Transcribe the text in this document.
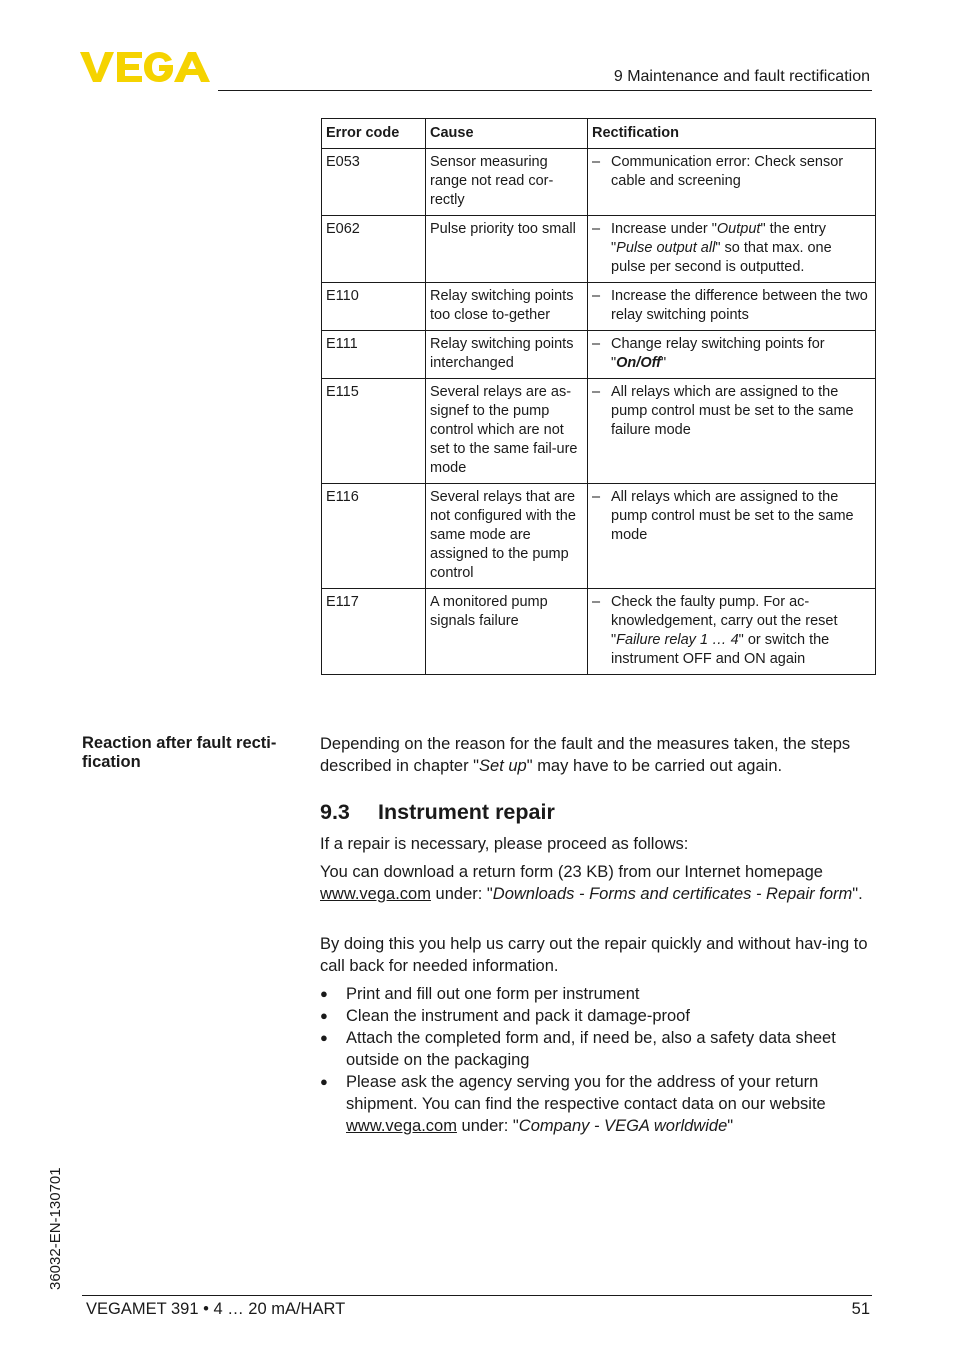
9 Maintenance and fault rectification
Error code	Cause	Rectification
E053	Sensor measuring range not read cor-rectly	– Communication error: Check sensor cable and screening

E062	Pulse priority too small	– Increase under "Output" the entry "Pulse output all" so that max. one pulse per second is outputted.

E110	Relay switching points too close to-gether	– Increase the difference between the two relay switching points

E111	Relay switching points interchanged	– Change relay switching points for "On/Off"

E115	Several relays are as-signef to the pump control which are not set to the same fail-ure mode	– All relays which are assigned to the pump control must be set to the same failure mode

E116	Several relays that are not configured with the same mode are assigned to the pump control	– All relays which are assigned to the pump control must be set to the same mode

E117	A monitored pump signals failure	– Check the faulty pump. For ac-knowledgement, carry out the reset "Failure relay 1 … 4" or switch the instrument OFF and ON again
Reaction after fault recti-fication
Depending on the reason for the fault and the measures taken, the steps described in chapter "Set up" may have to be carried out again.
9.3 Instrument repair
If a repair is necessary, please proceed as follows:
You can download a return form (23 KB) from our Internet homepage www.vega.com under: "Downloads - Forms and certificates - Repair form".
By doing this you help us carry out the repair quickly and without hav-ing to call back for needed information.
●	Print and fill out one form per instrument
●	Clean the instrument and pack it damage-proof
●	Attach the completed form and, if need be, also a safety data sheet outside on the packaging
●	Please ask the agency serving you for the address of your return shipment. You can find the respective contact data on our website www.vega.com under: "Company - VEGA worldwide"
36032-EN-130701
VEGAMET 391 • 4 … 20 mA/HART	51
